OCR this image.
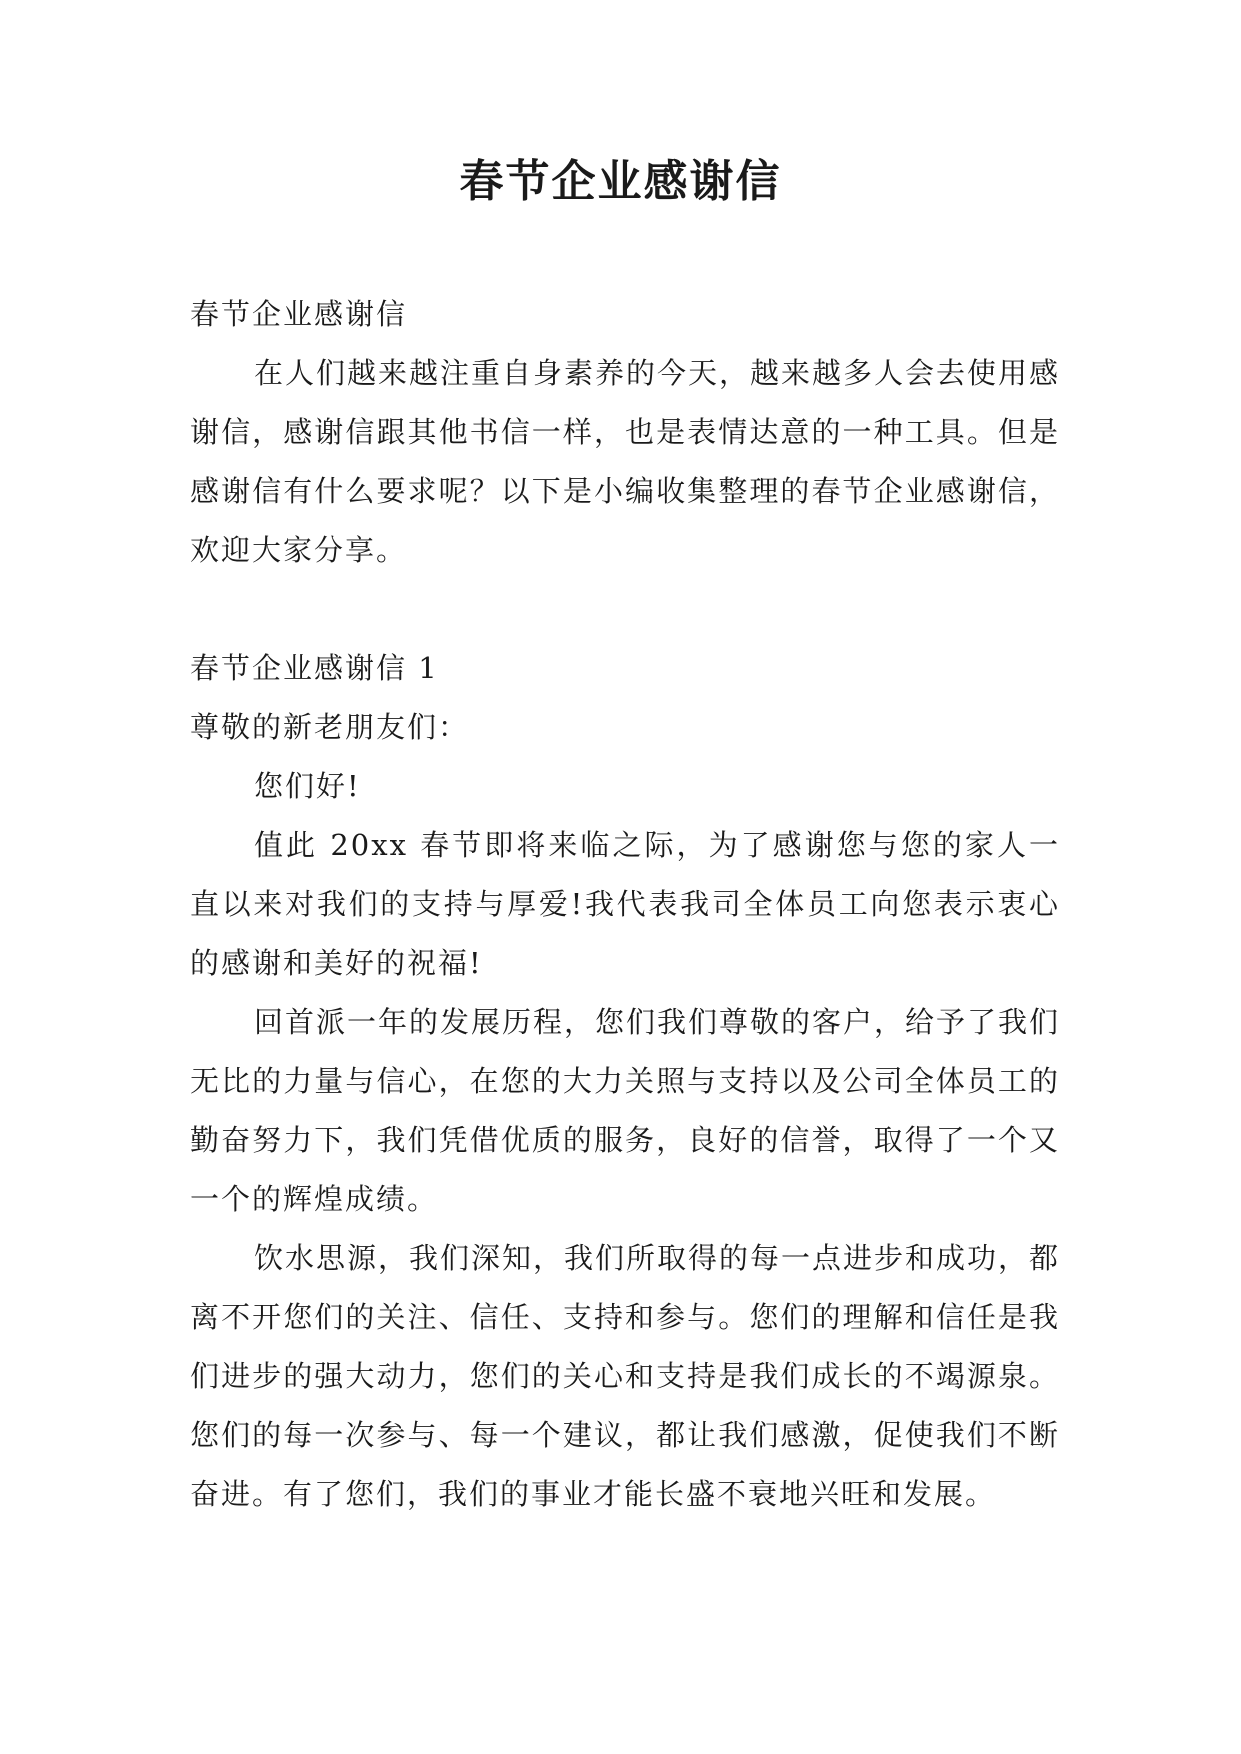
春节企业感谢信

春节企业感谢信

在人们越来越注重自身素养的今天，越来越多人会去使用感谢信，感谢信跟其他书信一样，也是表情达意的一种工具。但是感谢信有什么要求呢？以下是小编收集整理的春节企业感谢信，欢迎大家分享。

春节企业感谢信 1

尊敬的新老朋友们：

您们好!

值此 20xx 春节即将来临之际，为了感谢您与您的家人一直以来对我们的支持与厚爱!我代表我司全体员工向您表示衷心的感谢和美好的祝福!

回首派一年的发展历程，您们我们尊敬的客户，给予了我们无比的力量与信心，在您的大力关照与支持以及公司全体员工的勤奋努力下，我们凭借优质的服务，良好的信誉，取得了一个又一个的辉煌成绩。

饮水思源，我们深知，我们所取得的每一点进步和成功，都离不开您们的关注、信任、支持和参与。您们的理解和信任是我们进步的强大动力，您们的关心和支持是我们成长的不竭源泉。您们的每一次参与、每一个建议，都让我们感激，促使我们不断奋进。有了您们，我们的事业才能长盛不衰地兴旺和发展。
